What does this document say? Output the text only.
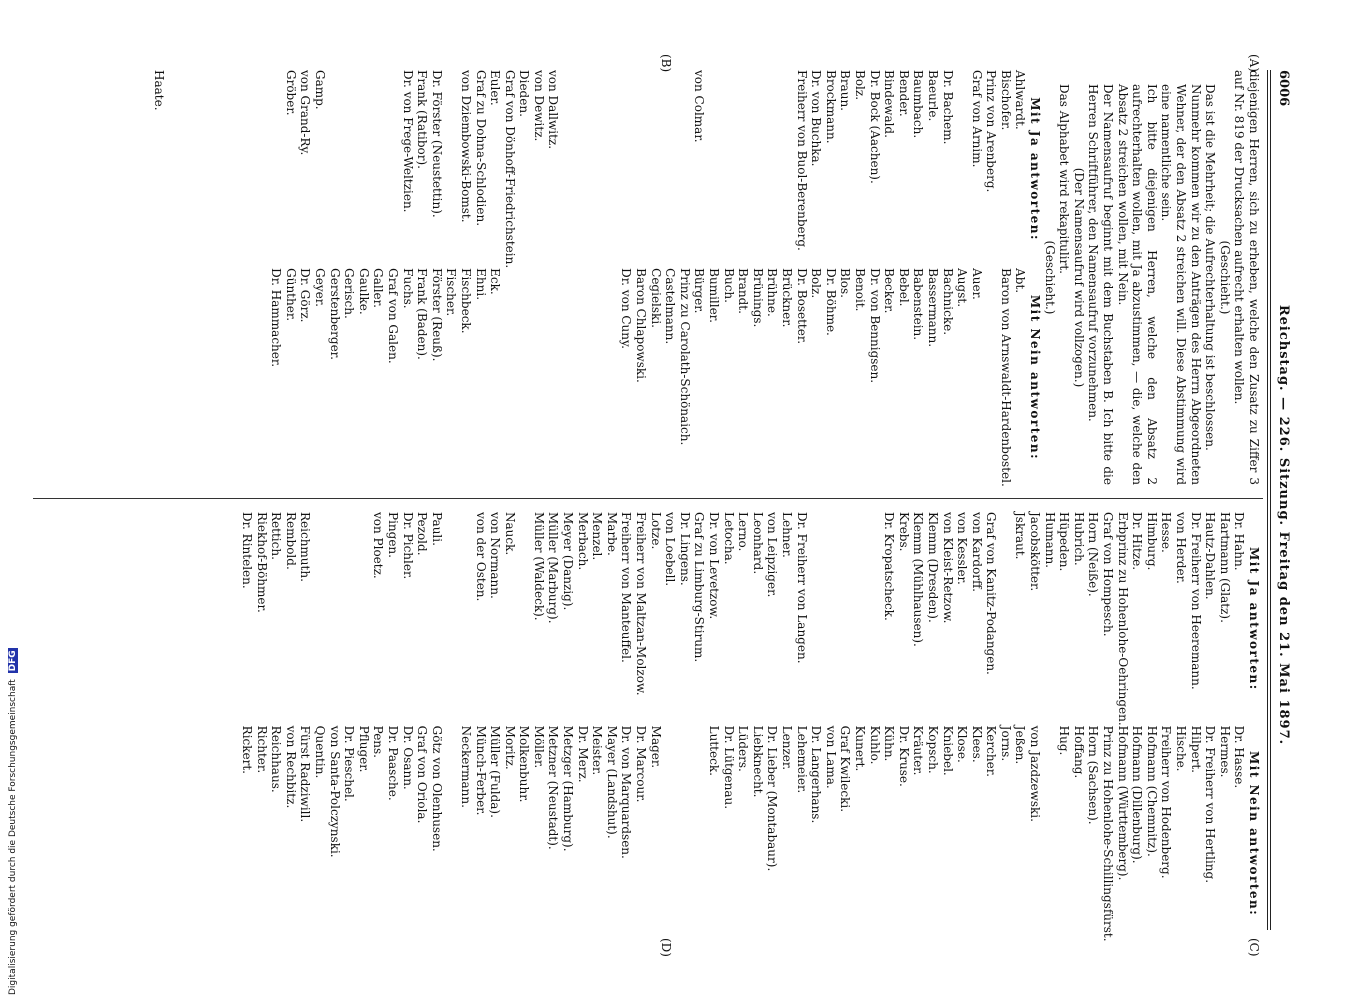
6006
Reichstag. — 226. Sitzung. Freitag den 21. Mai 1897.
(A)
(B)
(C)
(D)
diejenigen Herren, sich zu erheben, welche den Zusatz zu Ziffer 3 auf Nr. 819 der Drucksachen aufrecht erhalten wollen.
(Geschieht.)
Das ist die Mehrheit; die Aufrechterhaltung ist beschlossen.
Nunmehr kommen wir zu den Anträgen des Herrn Abgeordneten Wehner, der den Absatz 2 streichen will. Diese Abstimmung wird eine namentliche sein.
Ich bitte diejenigen Herren, welche den Absatz 2 aufrechterhalten wollen, mit Ja abzustimmen, — die, welche den Absatz 2 streichen wollen, mit Nein.
Der Namensaufruf beginnt mit dem Buchstaben B. Ich bitte die Herren Schriftführer, den Namensaufruf vorzunehmen.
(Der Namensaufruf wird vollzogen.)
Das Alphabet wird rekapitulirt.
(Geschieht.)
Mit Ja antworten:
Ahlwardt.
Bischofer.
Prinz von Arenberg.
Graf von Arnim.

Dr. Bachem.
Baeurle.
Baumbach.
Bender.
Bindewald.
Dr. Bock (Aachen).
Bolz.
Braun.
Brockmann.
Dr. von Buchka.
Freiherr von Buol-Berenberg.

von Colmar.

von Dallwitz.
von Dewitz.
Dieden.
Graf von Dönhoff-Friedrichstein.
Euler.
Graf zu Dohna-Schlodien.
von Dziembowski-Bomst.

Dr. Förster (Neustettin).
Frank (Ratibor).
Dr. von Frege-Weltzien.

Gamp.
von Grand-Ry.
Gröber.

Haate.
Mit Nein antworten:
Abt.
Baron von Arnswaldt-Hardenbostel.

Auer.
Augst.
Bachnicke.
Bassermann.
Babenstein.
Bebel.
Becker.
Dr. von Bennigsen.
Benoit.
Blos.
Dr. Böhme.
Bolz.
Dr. Bosetter.
Brückner.
Brühne.
Brünings.
Brandt.
Buch.
Bumiller.
Bürger.
Prinz zu Carolath-Schönaich.
Castelmann.
Cegielski.
Baron Chlapowski.
Dr. von Cuny.

Eck.
Ehni.
Fischbeck.
Fischer.
Förster (Reuß).
Frank (Baden).
Fuchs.
Graf von Galen.
Galler.
Gaulke.
Gerisch.
Gerstenberger.
Geyer.
Dr. Görz.
Günther.
Dr. Hammacher.
Mit Ja antworten:
Dr. Hahn.
Hartmann (Glatz).
Hautz-Dahlen.
Dr. Freiherr von Heeremann.
von Herder.
Hesse.
Himburg.
Dr. Hitze.
Erbprinz zu Hohenlohe-Oehringen.
Graf von Hompesch.
Horn (Neiße).
Hubrich.
Hüpeden.
Humann.
Jacobskötter.
Jskraut.

Graf von Kanitz-Podangen.
von Kardorff.
von Kessler.
von Kleist-Retzow.
Klemm (Dresden).
Klemm (Mühlhausen).
Krebs.
Dr. Kropatscheck.

Dr. Freiherr von Langen.
Lehner.
von Leipziger.
Leonhard.
Lerno.
Letocha.
Dr. von Levetzow.
Graf zu Limburg-Stirum.
Dr. Lingens.
von Loebell.
Lotze.
Freiherr von Maltzan-Molzow.
Freiherr von Manteuffel.
Marbe.
Menzel.
Merbach.
Meyer (Danzig).
Müller (Marburg).
Müller (Waldeck).

Nauck.
von Normann.
von der Osten.

Pauli.
Pezold.
Dr. Pichler.
Pingen.
von Ploetz.

Reichmuth.
Rembold.
Rettich.
Riekhof-Böhmer.
Dr. Rintelen.
Mit Nein antworten:
Dr. Hasse.
Hermes.
Dr. Freiherr von Hertling.
Hilpert.
Hische.
Freiherr von Hodenberg.
Hofmann (Chemnitz).
Hofmann (Dillenburg).
Hofmann (Württemberg).
Prinz zu Hohenlohe-Schillingsfürst.
Horn (Sachsen).
Hoffang.
Hug.

von Jazdzewski.
Jeßen.
Jorns.
Kercher.
Klees.
Klose.
Kniebel.
Kopsch.
Kräuter.
Dr. Kruse.
Kühn.
Kuhlo.
Kunert.
Graf Kwilecki.
von Lama.
Dr. Langerhans.
Lehemeier.
Lenzer.
Dr. Lieber (Montabaur).
Liebknecht.
Lüders.
Dr. Lütgenau.
Lutteck.

Mager.
Dr. Marcour.
Dr. von Marquardsen.
Mayer (Landshut).
Meister.
Dr. Merz.
Metzger (Hamburg).
Metzner (Neustadt).
Möller.
Molkenbuhr.
Moritz.
Müller (Fulda).
Münch-Ferber.
Neckermann.

Götz von Olenhusen.
Graf von Oriola.
Dr. Osann.
Dr. Paasche.
Pens.
Pfluger.
Dr. Pieschel.
von Santa-Polczynski.
Quentin.
Fürst Radziwill.
von Rechbitz.
Reichhaus.
Richter.
Rickert.
Digitalisierung gefördert durch die Deutsche Forschungsgemeinschaft DFG
